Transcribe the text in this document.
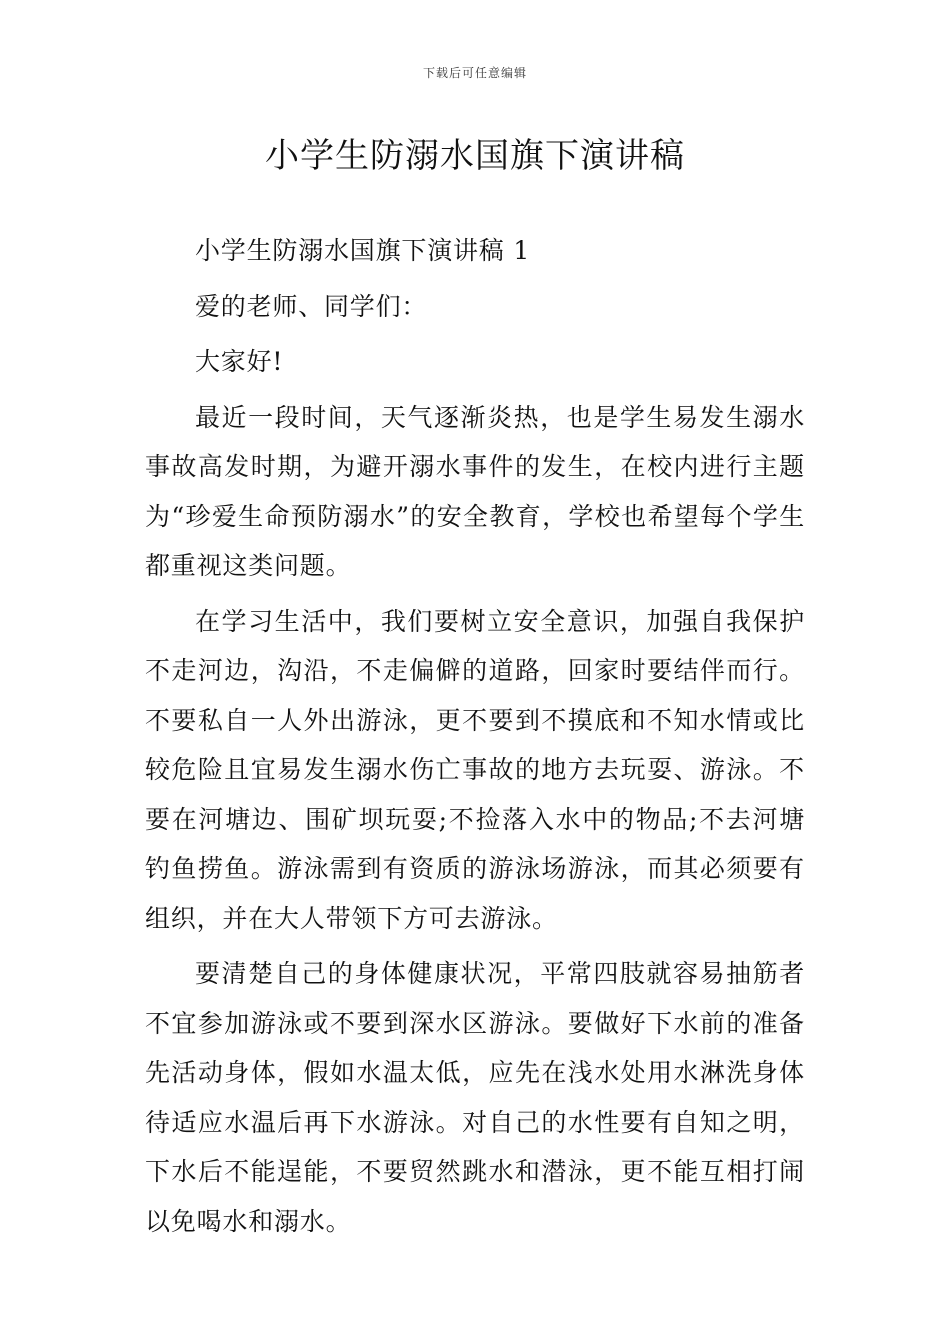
下载后可任意编辑
小学生防溺水国旗下演讲稿

小学生防溺水国旗下演讲稿 1

爱的老师、同学们：

大家好!

最近一段时间，天气逐渐炎热，也是学生易发生溺水事故高发时期，为避开溺水事件的发生，在校内进行主题为“珍爱生命预防溺水”的安全教育，学校也希望每个学生都重视这类问题。

在学习生活中，我们要树立安全意识，加强自我保护不走河边，沟沿，不走偏僻的道路，回家时要结伴而行。不要私自一人外出游泳，更不要到不摸底和不知水情或比较危险且宜易发生溺水伤亡事故的地方去玩耍、游泳。不要在河塘边、围矿坝玩耍;不捡落入水中的物品;不去河塘钓鱼捞鱼。游泳需到有资质的游泳场游泳，而其必须要有组织，并在大人带领下方可去游泳。

要清楚自己的身体健康状况，平常四肢就容易抽筋者不宜参加游泳或不要到深水区游泳。要做好下水前的准备先活动身体，假如水温太低，应先在浅水处用水淋洗身体待适应水温后再下水游泳。对自己的水性要有自知之明，下水后不能逞能，不要贸然跳水和潜泳，更不能互相打闹以免喝水和溺水。
